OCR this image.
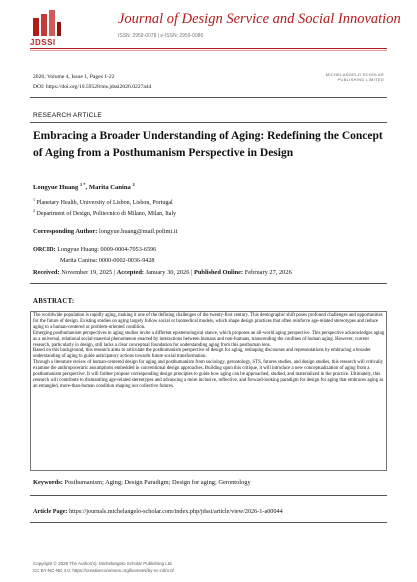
JDSSI
Journal of Design Service and Social Innovation
ISSN: 2959-0078 | e-ISSN: 2959-0086
2026; Volume 4, Issue 1, Pages 1-22
DOI: https://doi.org/10.59528/ms.jdssi2026.0227a44
MICHELANGELO SCHOLAR PUBLISHING LIMITED
RESEARCH ARTICLE
Embracing a Broader Understanding of Aging: Redefining the Concept of Aging from a Posthumanism Perspective in Design
Longyue Huang $^{1 *}$, Marita Canina $^2$
$^1$ Planetary Health, University of Lisbon, Lisbon, Portugal
$^2$ Department of Design, Politecnico di Milano, Milan, Italy
Corresponding Author: longyue.huang@mail.polimi.it
ORCID: Longyue Huang: 0009-0004-7053-6596
Marita Canina: 0000-0002-0036-9428
Received: November 19, 2025 | Accepted: January 30, 2026 | Published Online: February 27, 2026
ABSTRACT:

The worldwide population is rapidly aging, making it one of the defining challenges of the twenty-first century. This demographic shift poses profound challenges and opportunities for the future of design. Existing studies on aging largely follow social or biomedical models, which shape design practices that often reinforce age-related stereotypes and reduce aging to a human-centered or problem-oriented condition.

Emerging posthumanism perspectives in aging studies invite a different epistemological stance, which proposes an all-world aging perspective. This perspective acknowledges aging as a universal, relational social-material phenomenon enacted by interactions between humans and non-humans, transcending the confines of human aging. However, current research, particularly in design, still lacks a clear conceptual foundation for understanding aging from this posthuman lens.

Based on this background, this research aims to articulate the posthumanism perspective of design for aging, reshaping discourses and representations by embracing a broader understanding of aging to guide anticipatory actions towards future social transformation.

Through a literature review of human-centered design for aging and posthumanism from sociology, gerontology, STS, futures studies, and design studies, this research will critically examine the anthropocentric assumptions embedded in conventional design approaches. Building upon this critique, it will introduce a new conceptualization of aging from a posthumanism perspective. It will further propose corresponding design principles to guide how aging can be approached, studied, and materialized in the practice. Ultimately, this research will contribute to dismantling age-related stereotypes and advancing a more inclusive, reflective, and forward-looking paradigm for design for aging that embraces aging as an entangled, more-than-human condition shaping our collective futures.

Keywords: Posthumanism; Aging; Design Paradigm; Design for aging; Gerontology
Article Page: https://journals.michelangelo-scholar.com/index.php/jdssi/article/view/2026-1-a00044
Copyright © 2026 The Author(s). Michelangelo Scholar Publishing Ltd.
CC BY-NC-ND 4.0: https://creativecommons.org/licenses/by-nc-nd/4.0/
